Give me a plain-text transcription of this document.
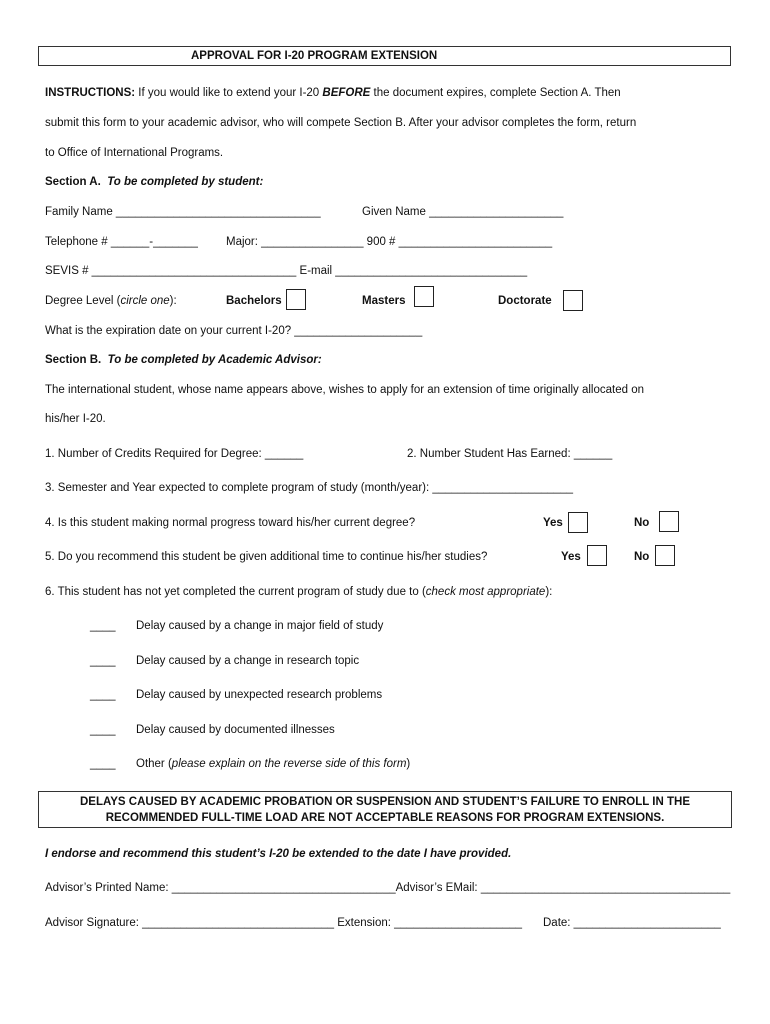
APPROVAL FOR I-20 PROGRAM EXTENSION
INSTRUCTIONS: If you would like to extend your I-20 BEFORE the document expires, complete Section A. Then
submit this form to your academic advisor, who will compete Section B. After your advisor completes the form, return
to Office of International Programs.
Section A. To be completed by student:
Family Name ________________________________	Given Name _____________________
Telephone # ______-_______ Major: ________________ 900 # ________________________
SEVIS # ________________________________ E-mail ______________________________
Degree Level (circle one):	Bachelors	Masters	Doctorate
What is the expiration date on your current I-20? ____________________
Section B. To be completed by Academic Advisor:
The international student, whose name appears above, wishes to apply for an extension of time originally allocated on
his/her I-20.
1. Number of Credits Required for Degree: ______	2. Number Student Has Earned: ______
3. Semester and Year expected to complete program of study (month/year): ______________________
4. Is this student making normal progress toward his/her current degree?	Yes	No
5. Do you recommend this student be given additional time to continue his/her studies?	Yes	No
6. This student has not yet completed the current program of study due to (check most appropriate):
____ Delay caused by a change in major field of study
____ Delay caused by a change in research topic
____ Delay caused by unexpected research problems
____ Delay caused by documented illnesses
____ Other (please explain on the reverse side of this form)
DELAYS CAUSED BY ACADEMIC PROBATION OR SUSPENSION AND STUDENT’S FAILURE TO ENROLL IN THE
RECOMMENDED FULL-TIME LOAD ARE NOT ACCEPTABLE REASONS FOR PROGRAM EXTENSIONS.
I endorse and recommend this student’s I-20 be extended to the date I have provided.
Advisor’s Printed Name: ___________________________________Advisor’s EMail: _______________________________________
Advisor Signature: ______________________________ Extension: ____________________ Date: _______________________
